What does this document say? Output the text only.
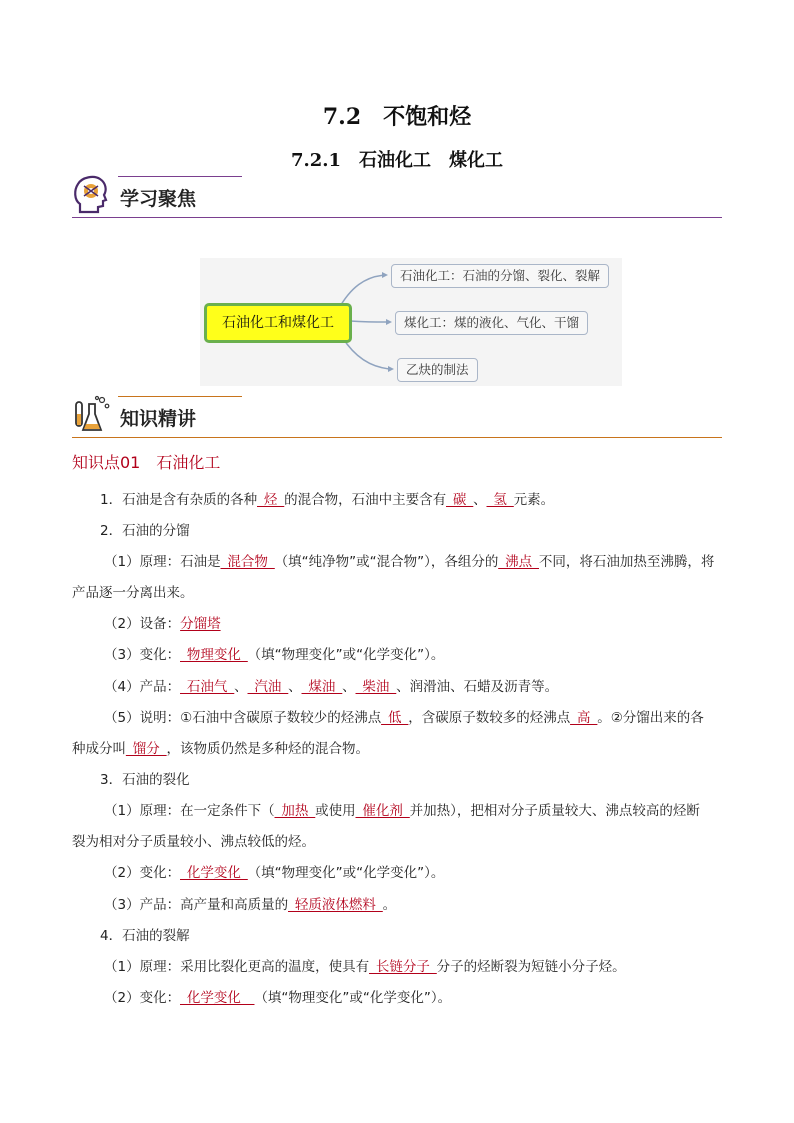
7.2　不饱和烃
7.2.1　石油化工　煤化工
学习聚焦
石油化工和煤化工
石油化工：石油的分馏、裂化、裂解
煤化工：煤的液化、气化、干馏
乙炔的制法
知识精讲
知识点01　石油化工
1．石油是含有杂质的各种_烃_的混合物，石油中主要含有_碳_、_氢_元素。
2．石油的分馏
（1）原理：石油是_混合物_（填“纯净物”或“混合物”），各组分的_沸点_不同，将石油加热至沸腾，将
产品逐一分离出来。
（2）设备：分馏塔
（3）变化：_物理变化_（填“物理变化”或“化学变化”）。
（4）产品：_石油气_、_汽油_、_煤油_、_柴油_、润滑油、石蜡及沥青等。
（5）说明：①石油中含碳原子数较少的烃沸点_低_，含碳原子数较多的烃沸点_高_。②分馏出来的各
种成分叫_馏分_，该物质仍然是多种烃的混合物。
3．石油的裂化
（1）原理：在一定条件下（_加热_或使用_催化剂_并加热），把相对分子质量较大、沸点较高的烃断
裂为相对分子质量较小、沸点较低的烃。
（2）变化：_化学变化_（填“物理变化”或“化学变化”）。
（3）产品：高产量和高质量的_轻质液体燃料_。
4．石油的裂解
（1）原理：采用比裂化更高的温度，使具有_长链分子_分子的烃断裂为短链小分子烃。
（2）变化：_化学变化__（填“物理变化”或“化学变化”）。
